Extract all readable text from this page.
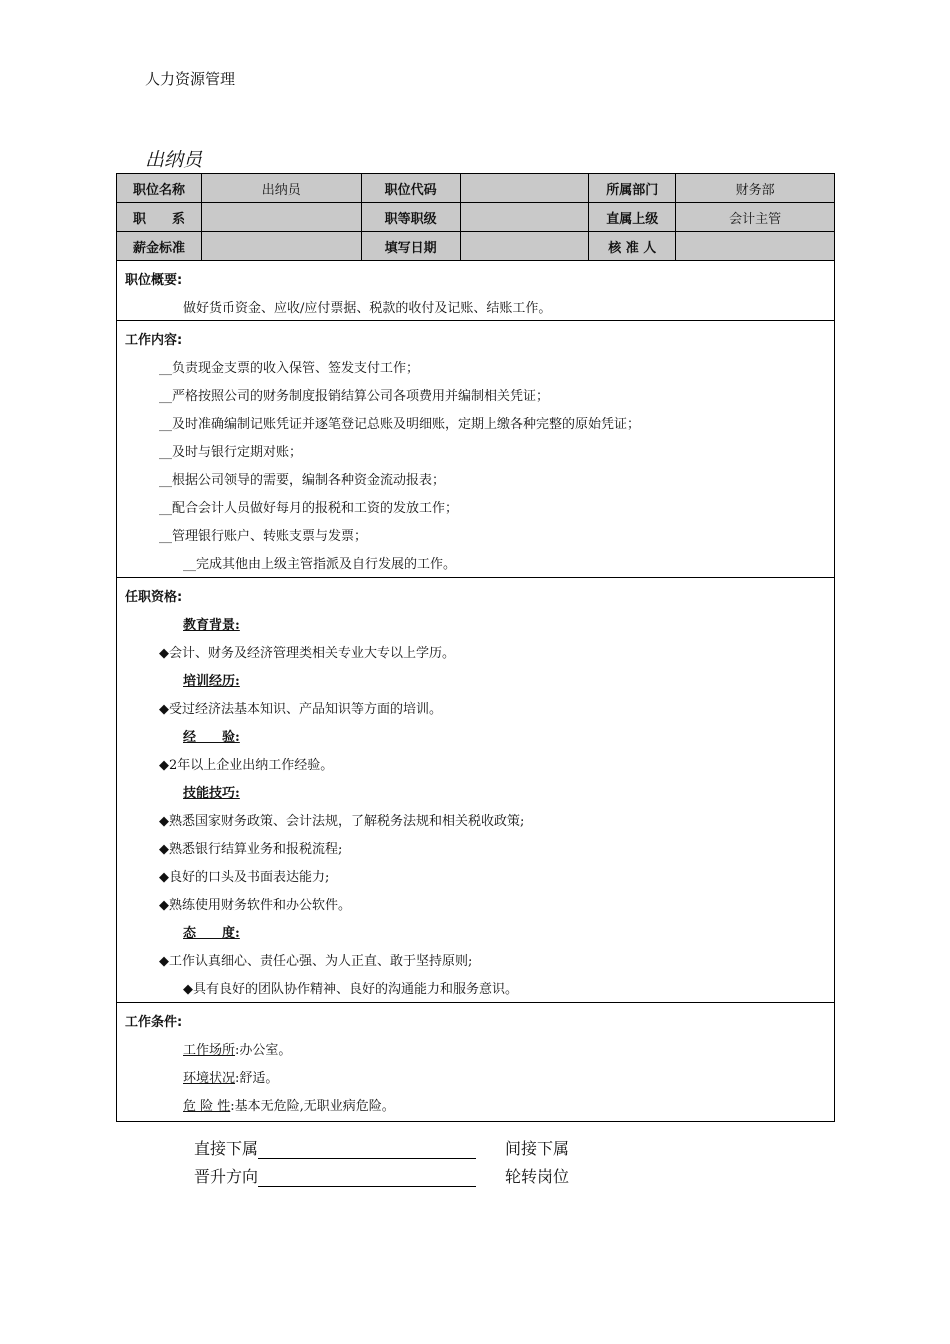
人力资源管理
出纳员
职位名称	出纳员	职位代码		所属部门	财务部
职　　系		职等职级		直属上级	会计主管
薪金标准		填写日期		核 准 人	
职位概要:
做好货币资金、应收/应付票据、税款的收付及记账、结账工作。
工作内容:
__负责现金支票的收入保管、签发支付工作；
__严格按照公司的财务制度报销结算公司各项费用并编制相关凭证；
__及时准确编制记账凭证并逐笔登记总账及明细账，定期上缴各种完整的原始凭证；
__及时与银行定期对账；
__根据公司领导的需要，编制各种资金流动报表；
__配合会计人员做好每月的报税和工资的发放工作；
__管理银行账户、转账支票与发票；
__完成其他由上级主管指派及自行发展的工作。
任职资格:
教育背景:
◆会计、财务及经济管理类相关专业大专以上学历。
培训经历:
◆受过经济法基本知识、产品知识等方面的培训。
经　　验:
◆2年以上企业出纳工作经验。
技能技巧:
◆熟悉国家财务政策、会计法规，了解税务法规和相关税收政策;
◆熟悉银行结算业务和报税流程;
◆良好的口头及书面表达能力;
◆熟练使用财务软件和办公软件。
态　　度:
◆工作认真细心、责任心强、为人正直、敢于坚持原则;
◆具有良好的团队协作精神、良好的沟通能力和服务意识。
工作条件:
工作场所:办公室。
环境状况:舒适。
危 险 性:基本无危险,无职业病危险。
直接下属	间接下属
晋升方向	轮转岗位
